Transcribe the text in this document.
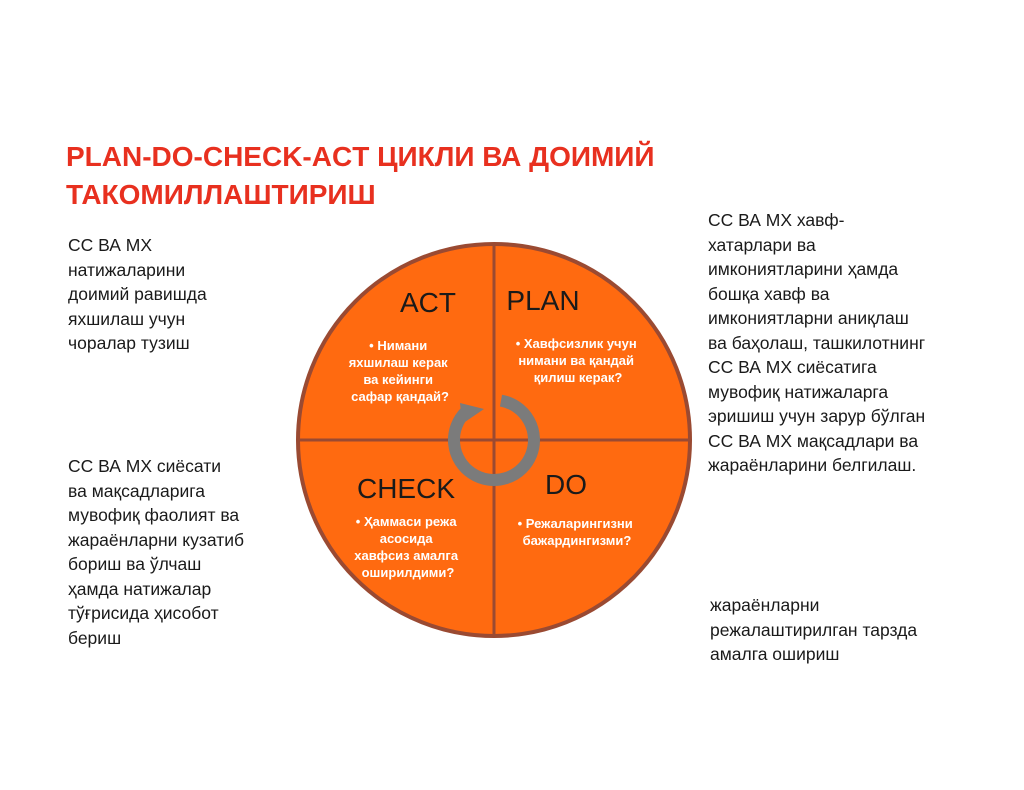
PLAN-DO-CHECK-ACT ЦИКЛИ ВА ДОИМИЙ
ТАКОМИЛЛАШТИРИШ
СС ВА МХ
натижаларини
доимий равишда
яхшилаш учун
чоралар тузиш
СС ВА МХ сиёсати
ва мақсадларига
мувофиқ фаолият ва
жараёнларни кузатиб
бориш ва ўлчаш
ҳамда натижалар
тўғрисида ҳисобот
бериш
СС ВА МХ хавф-
хатарлари ва
имкониятларини ҳамда
бошқа хавф ва
имкониятларни аниқлаш
ва баҳолаш, ташкилотнинг
СС ВА МХ сиёсатига
мувофиқ натижаларга
эришиш учун зарур бўлган
СС ВА МХ мақсадлари ва
жараёнларини белгилаш.
жараёнларни
режалаштирилган тарзда
амалга ошириш
ACT
• Нимани яхшилаш керак ва кейинги сафар қандай?
PLAN
• Хавфсизлик учун нимани ва қандай қилиш керак?
CHECK
• Ҳаммаси режа асосида хавфсиз амалга оширилдими?
DO
• Режаларингизни бажардингизми?
